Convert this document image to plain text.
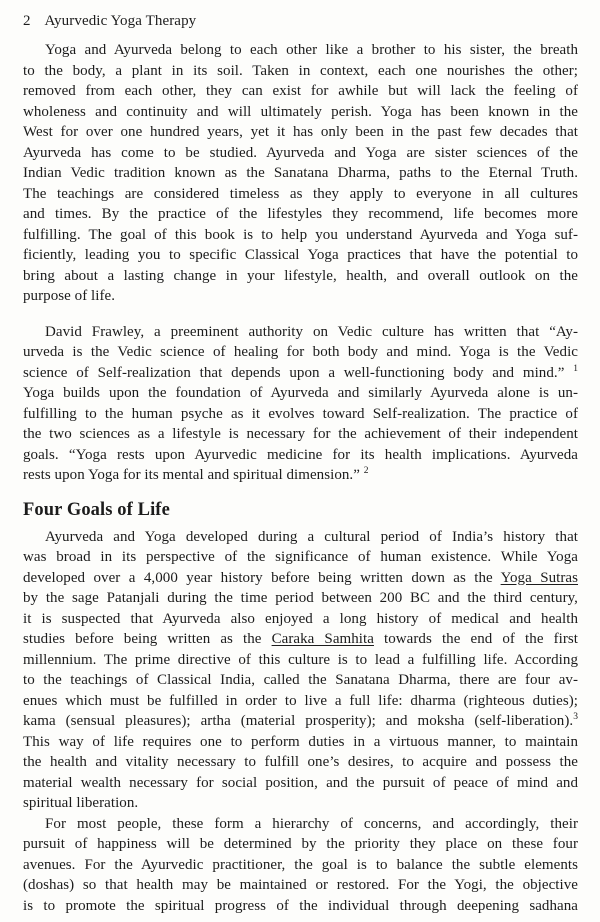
2 Ayurvedic Yoga Therapy
Yoga and Ayurveda belong to each other like a brother to his sister, the breath
to the body, a plant in its soil. Taken in context, each one nourishes the other;
removed from each other, they can exist for awhile but will lack the feeling of
wholeness and continuity and will ultimately perish. Yoga has been known in the
West for over one hundred years, yet it has only been in the past few decades that
Ayurveda has come to be studied. Ayurveda and Yoga are sister sciences of the
Indian Vedic tradition known as the Sanatana Dharma, paths to the Eternal Truth.
The teachings are considered timeless as they apply to everyone in all cultures
and times. By the practice of the lifestyles they recommend, life becomes more
fulfilling. The goal of this book is to help you understand Ayurveda and Yoga suf-
ficiently, leading you to specific Classical Yoga practices that have the potential to
bring about a lasting change in your lifestyle, health, and overall outlook on the
purpose of life.
David Frawley, a preeminent authority on Vedic culture has written that “Ay-
urveda is the Vedic science of healing for both body and mind. Yoga is the Vedic
science of Self-realization that depends upon a well-functioning body and mind.” $^1$
Yoga builds upon the foundation of Ayurveda and similarly Ayurveda alone is un-
fulfilling to the human psyche as it evolves toward Self-realization. The practice of
the two sciences as a lifestyle is necessary for the achievement of their independent
goals. “Yoga rests upon Ayurvedic medicine for its health implications. Ayurveda
rests upon Yoga for its mental and spiritual dimension.” $^2$
Four Goals of Life
Ayurveda and Yoga developed during a cultural period of India’s history that
was broad in its perspective of the significance of human existence. While Yoga
developed over a 4,000 year history before being written down as the Yoga Sutras
by the sage Patanjali during the time period between 200 BC and the third century,
it is suspected that Ayurveda also enjoyed a long history of medical and health
studies before being written as the Caraka Samhita towards the end of the first
millennium. The prime directive of this culture is to lead a fulfilling life. According
to the teachings of Classical India, called the Sanatana Dharma, there are four av-
enues which must be fulfilled in order to live a full life: dharma (righteous duties);
kama (sensual pleasures); artha (material prosperity); and moksha (self-liberation).$^3$
This way of life requires one to perform duties in a virtuous manner, to maintain
the health and vitality necessary to fulfill one’s desires, to acquire and possess the
material wealth necessary for social position, and the pursuit of peace of mind and
spiritual liberation.
For most people, these form a hierarchy of concerns, and accordingly, their
pursuit of happiness will be determined by the priority they place on these four
avenues. For the Ayurvedic practitioner, the goal is to balance the subtle elements
(doshas) so that health may be maintained or restored. For the Yogi, the objective
is to promote the spiritual progress of the individual through deepening sadhana
